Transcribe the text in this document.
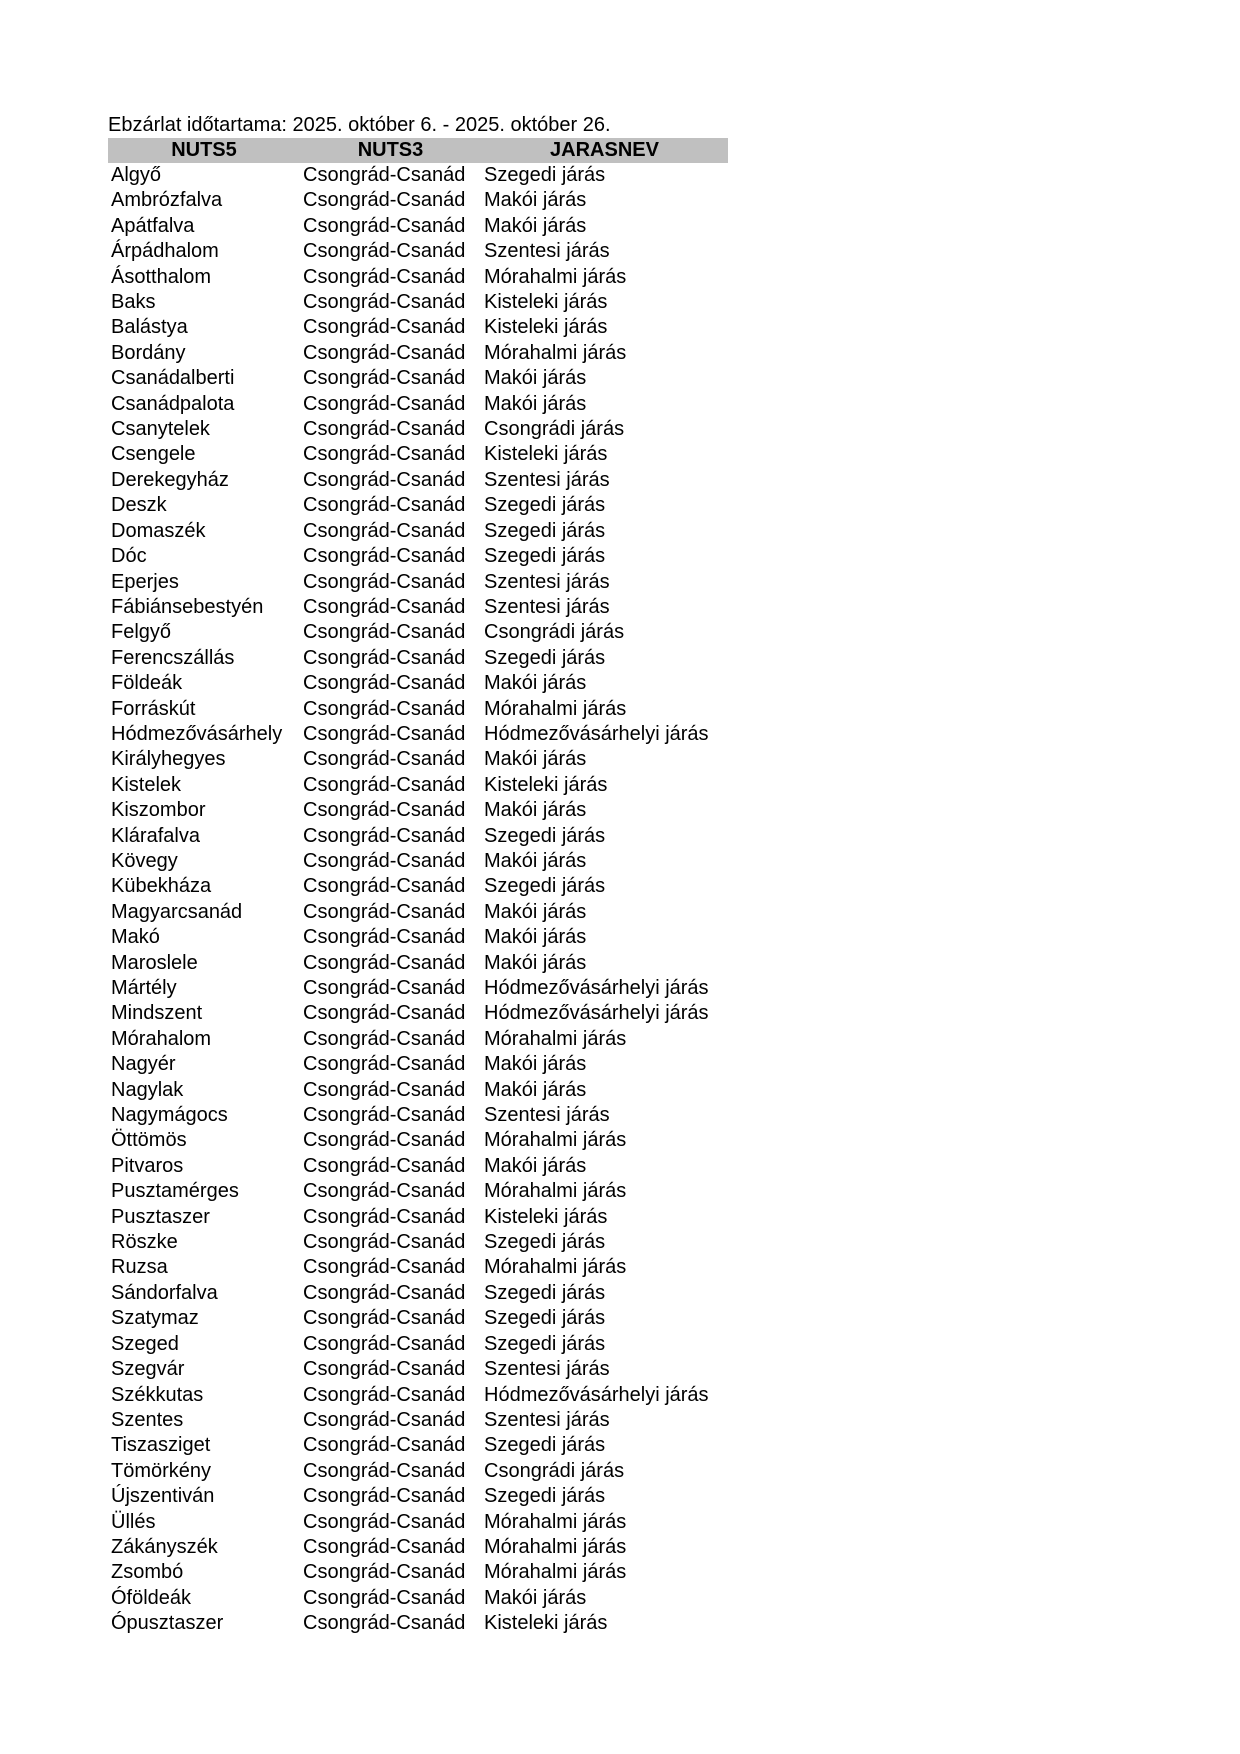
Ebzárlat időtartama: 2025. október 6. - 2025. október 26.
NUTS5	NUTS3	JARASNEV
Algyő	Csongrád-Csanád	Szegedi járás
Ambrózfalva	Csongrád-Csanád	Makói járás
Apátfalva	Csongrád-Csanád	Makói járás
Árpádhalom	Csongrád-Csanád	Szentesi járás
Ásotthalom	Csongrád-Csanád	Mórahalmi járás
Baks	Csongrád-Csanád	Kisteleki járás
Balástya	Csongrád-Csanád	Kisteleki járás
Bordány	Csongrád-Csanád	Mórahalmi járás
Csanádalberti	Csongrád-Csanád	Makói járás
Csanádpalota	Csongrád-Csanád	Makói járás
Csanytelek	Csongrád-Csanád	Csongrádi járás
Csengele	Csongrád-Csanád	Kisteleki járás
Derekegyház	Csongrád-Csanád	Szentesi járás
Deszk	Csongrád-Csanád	Szegedi járás
Domaszék	Csongrád-Csanád	Szegedi járás
Dóc	Csongrád-Csanád	Szegedi járás
Eperjes	Csongrád-Csanád	Szentesi járás
Fábiánsebestyén	Csongrád-Csanád	Szentesi járás
Felgyő	Csongrád-Csanád	Csongrádi járás
Ferencszállás	Csongrád-Csanád	Szegedi járás
Földeák	Csongrád-Csanád	Makói járás
Forráskút	Csongrád-Csanád	Mórahalmi járás
Hódmezővásárhely	Csongrád-Csanád	Hódmezővásárhelyi járás
Királyhegyes	Csongrád-Csanád	Makói járás
Kistelek	Csongrád-Csanád	Kisteleki járás
Kiszombor	Csongrád-Csanád	Makói járás
Klárafalva	Csongrád-Csanád	Szegedi járás
Kövegy	Csongrád-Csanád	Makói járás
Kübekháza	Csongrád-Csanád	Szegedi járás
Magyarcsanád	Csongrád-Csanád	Makói járás
Makó	Csongrád-Csanád	Makói járás
Maroslele	Csongrád-Csanád	Makói járás
Mártély	Csongrád-Csanád	Hódmezővásárhelyi járás
Mindszent	Csongrád-Csanád	Hódmezővásárhelyi járás
Mórahalom	Csongrád-Csanád	Mórahalmi járás
Nagyér	Csongrád-Csanád	Makói járás
Nagylak	Csongrád-Csanád	Makói járás
Nagymágocs	Csongrád-Csanád	Szentesi járás
Öttömös	Csongrád-Csanád	Mórahalmi járás
Pitvaros	Csongrád-Csanád	Makói járás
Pusztamérges	Csongrád-Csanád	Mórahalmi járás
Pusztaszer	Csongrád-Csanád	Kisteleki járás
Röszke	Csongrád-Csanád	Szegedi járás
Ruzsa	Csongrád-Csanád	Mórahalmi járás
Sándorfalva	Csongrád-Csanád	Szegedi járás
Szatymaz	Csongrád-Csanád	Szegedi járás
Szeged	Csongrád-Csanád	Szegedi járás
Szegvár	Csongrád-Csanád	Szentesi járás
Székkutas	Csongrád-Csanád	Hódmezővásárhelyi járás
Szentes	Csongrád-Csanád	Szentesi járás
Tiszasziget	Csongrád-Csanád	Szegedi járás
Tömörkény	Csongrád-Csanád	Csongrádi járás
Újszentiván	Csongrád-Csanád	Szegedi járás
Üllés	Csongrád-Csanád	Mórahalmi járás
Zákányszék	Csongrád-Csanád	Mórahalmi járás
Zsombó	Csongrád-Csanád	Mórahalmi járás
Óföldeák	Csongrád-Csanád	Makói járás
Ópusztaszer	Csongrád-Csanád	Kisteleki járás
